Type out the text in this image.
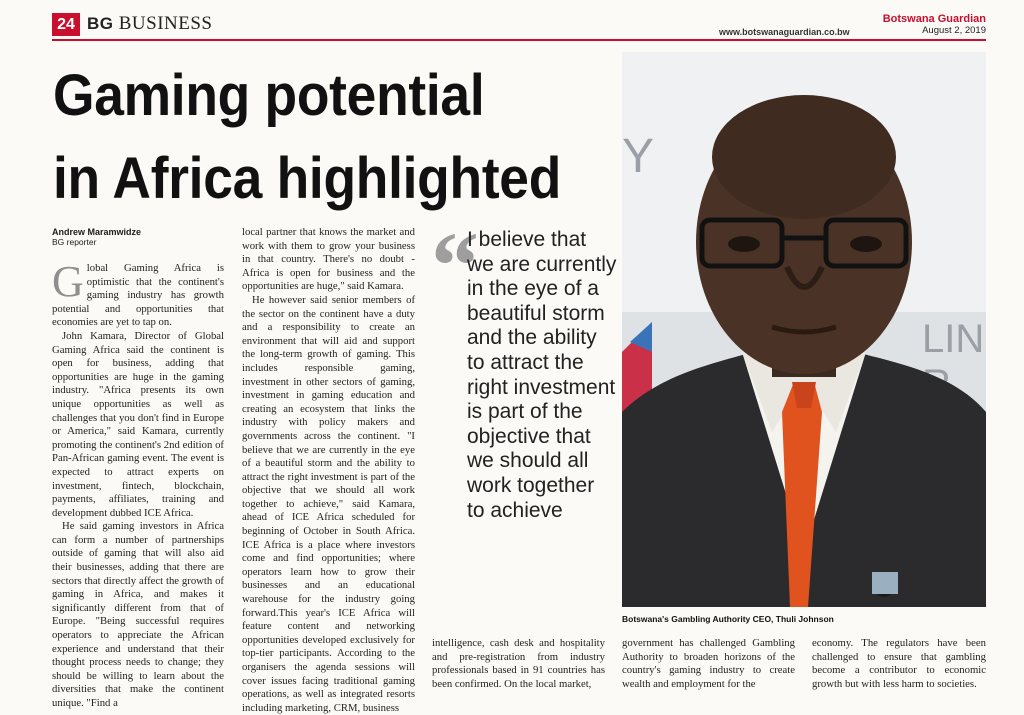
24 BG BUSINESS	www.botswanaguardian.co.bw
Botswana Guardian
August 2, 2019
Gaming potential
in Africa highlighted Y
LIN
Botswana's Gambling Authority CEO, Thuli Johnson
Andrew Maramwidze
BG reporter

Global Gaming Africa is optimistic that the continent's gaming industry has growth potential and opportunities that economies are yet to tap on.

John Kamara, Director of Global Gaming Africa said the continent is open for business, adding that opportunities are huge in the gaming industry. "Africa presents its own unique opportunities as well as challenges that you don't find in Europe or America," said Kamara, currently promoting the continent's 2nd edition of Pan-African gaming event. The event is expected to attract experts on investment, fintech, blockchain, payments, affiliates, training and development dubbed ICE Africa.

He said gaming investors in Africa can form a number of partnerships outside of gaming that will also aid their businesses, adding that there are sectors that directly affect the growth of gaming in Africa, and makes it significantly different from that of Europe. "Being successful requires operators to appreciate the African experience and understand that their thought process needs to change; they should be willing to learn about the diversities that make the continent unique. "Find a

local partner that knows the market and work with them to grow your business in that country. There's no doubt - Africa is open for business and the opportunities are huge," said Kamara.

He however said senior members of the sector on the continent have a duty and a responsibility to create an environment that will aid and support the long-term growth of gaming. This includes responsible gaming, investment in other sectors of gaming, investment in gaming education and creating an ecosystem that links the industry with policy makers and governments across the continent. "I believe that we are currently in the eye of a beautiful storm and the ability to attract the right investment is part of the objective that we should all work together to achieve," said Kamara, ahead of ICE Africa scheduled for beginning of October in South Africa. ICE Africa is a place where investors come and find opportunities; where operators learn how to grow their businesses and an educational warehouse for the industry going forward.This year's ICE Africa will feature content and networking opportunities developed exclusively for top-tier participants. According to the organisers the agenda sessions will cover issues facing traditional gaming operations, as well as integrated resorts including marketing, CRM, business

“
I believe that we are currently in the eye of a beautiful storm and the ability to attract the right investment is part of the objective that we should all work together to achieve

intelligence, cash desk and hospitality and pre-registration from industry professionals based in 91 countries has been confirmed. On the local market,

government has challenged Gambling Authority to broaden horizons of the country's gaming industry to create wealth and employment for the

economy. The regulators have been challenged to ensure that gambling become a contributor to economic growth but with less harm to societies.
